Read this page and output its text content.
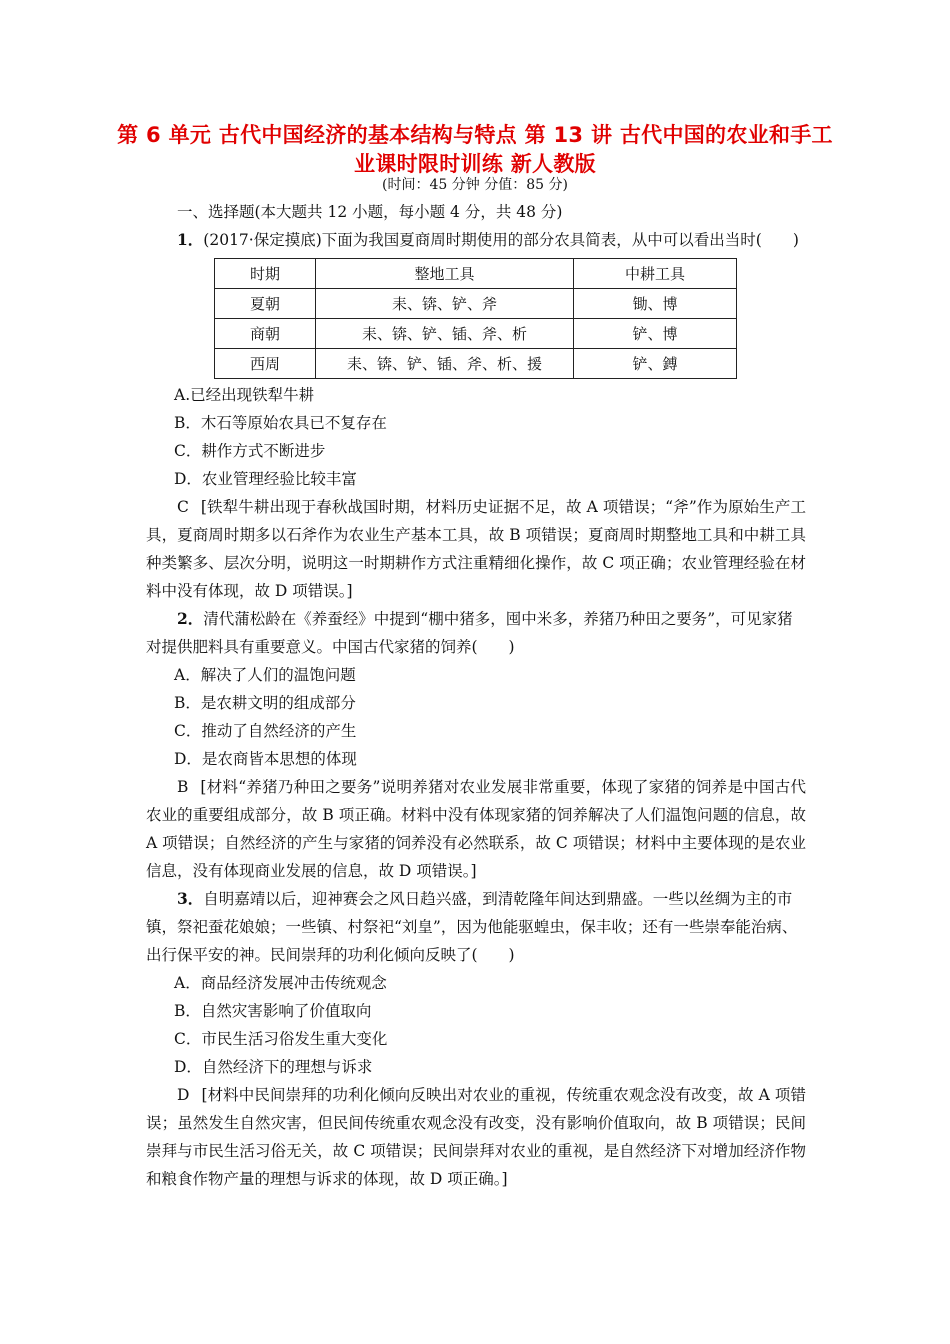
第 6 单元 古代中国经济的基本结构与特点 第 13 讲 古代中国的农业和手工业课时限时训练 新人教版
(时间：45 分钟 分值：85 分)

一、选择题(本大题共 12 小题，每小题 4 分，共 48 分)

1．(2017·保定摸底)下面为我国夏商周时期使用的部分农具简表，从中可以看出当时(　　)

时期	整地工具	中耕工具
夏朝	耒、锛、铲、斧	锄、博
商朝	耒、锛、铲、锸、斧、析	铲、博
西周	耒、锛、铲、锸、斧、析、援	铲、鎛

A.已经出现铁犁牛耕

B．木石等原始农具已不复存在

C．耕作方式不断进步

D．农业管理经验比较丰富

C [铁犁牛耕出现于春秋战国时期，材料历史证据不足，故 A 项错误；“斧”作为原始生产工具，夏商周时期多以石斧作为农业生产基本工具，故 B 项错误；夏商周时期整地工具和中耕工具种类繁多、层次分明，说明这一时期耕作方式注重精细化操作，故 C 项正确；农业管理经验在材料中没有体现，故 D 项错误。]

2．清代蒲松龄在《养蚕经》中提到“棚中猪多，囤中米多，养猪乃种田之要务”，可见家猪对提供肥料具有重要意义。中国古代家猪的饲养(　　)

A．解决了人们的温饱问题

B．是农耕文明的组成部分

C．推动了自然经济的产生

D．是农商皆本思想的体现

B [材料“养猪乃种田之要务”说明养猪对农业发展非常重要，体现了家猪的饲养是中国古代农业的重要组成部分，故 B 项正确。材料中没有体现家猪的饲养解决了人们温饱问题的信息，故 A 项错误；自然经济的产生与家猪的饲养没有必然联系，故 C 项错误；材料中主要体现的是农业信息，没有体现商业发展的信息，故 D 项错误。]

3．自明嘉靖以后，迎神赛会之风日趋兴盛，到清乾隆年间达到鼎盛。一些以丝绸为主的市镇，祭祀蚕花娘娘；一些镇、村祭祀“刘皇”，因为他能驱蝗虫，保丰收；还有一些崇奉能治病、出行保平安的神。民间崇拜的功利化倾向反映了(　　)

A．商品经济发展冲击传统观念

B．自然灾害影响了价值取向

C．市民生活习俗发生重大变化

D．自然经济下的理想与诉求

D [材料中民间崇拜的功利化倾向反映出对农业的重视，传统重农观念没有改变，故 A 项错误；虽然发生自然灾害，但民间传统重农观念没有改变，没有影响价值取向，故 B 项错误；民间崇拜与市民生活习俗无关，故 C 项错误；民间崇拜对农业的重视，是自然经济下对增加经济作物和粮食作物产量的理想与诉求的体现，故 D 项正确。]
